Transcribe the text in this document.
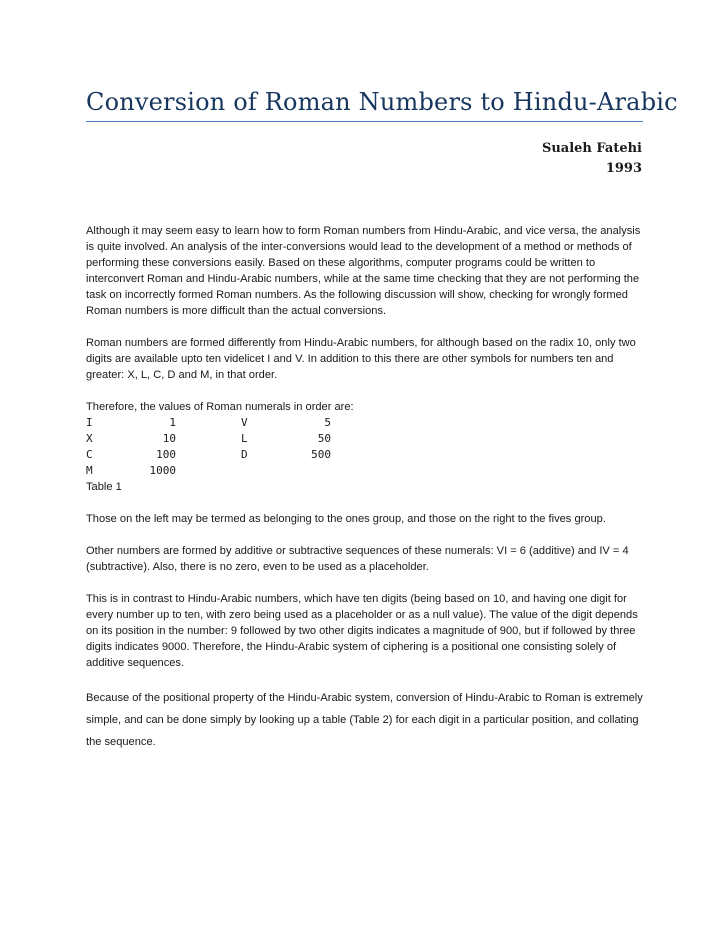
Conversion of Roman Numbers to Hindu-Arabic
Sualeh Fatehi
1993

Although it may seem easy to learn how to form Roman numbers from Hindu-Arabic, and vice versa, the analysis is quite involved. An analysis of the inter-conversions would lead to the development of a method or methods of performing these conversions easily. Based on these algorithms, computer programs could be written to interconvert Roman and Hindu-Arabic numbers, while at the same time checking that they are not performing the task on incorrectly formed Roman numbers. As the following discussion will show, checking for wrongly formed Roman numbers is more difficult than the actual conversions.

Roman numbers are formed differently from Hindu-Arabic numbers, for although based on the radix 10, only two digits are available upto ten videlicet I and V. In addition to this there are other symbols for numbers ten and greater: X, L, C, D and M, in that order.

Therefore, the values of Roman numerals in order are:

I	1	V	5
X	10	L	50
C	100	D	500
M	1000
Table 1

Those on the left may be termed as belonging to the ones group, and those on the right to the fives group.

Other numbers are formed by additive or subtractive sequences of these numerals: VI = 6 (additive) and IV = 4 (subtractive). Also, there is no zero, even to be used as a placeholder.

This is in contrast to Hindu-Arabic numbers, which have ten digits (being based on 10, and having one digit for every number up to ten, with zero being used as a placeholder or as a null value). The value of the digit depends on its position in the number: 9 followed by two other digits indicates a magnitude of 900, but if followed by three digits indicates 9000. Therefore, the Hindu-Arabic system of ciphering is a positional one consisting solely of additive sequences.

Because of the positional property of the Hindu-Arabic system, conversion of Hindu-Arabic to Roman is extremely simple, and can be done simply by looking up a table (Table 2) for each digit in a particular position, and collating the sequence.
